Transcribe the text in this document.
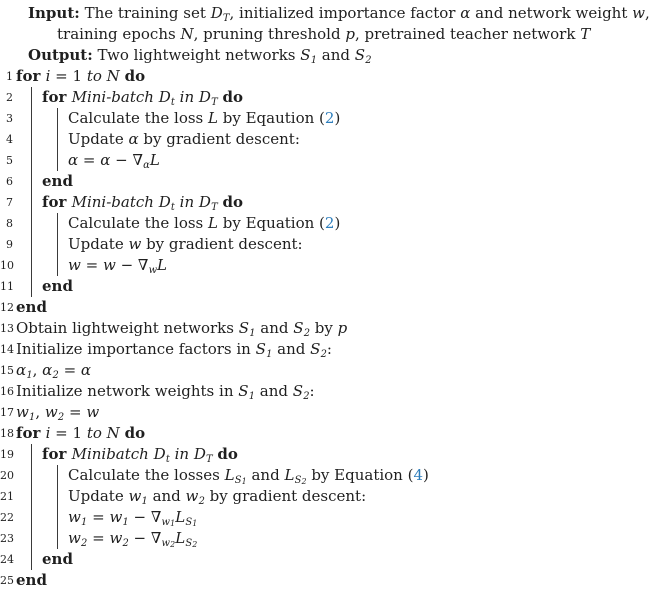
Input: The training set $D_T$, initialized importance factor α and network weight w,
training epochs N, pruning threshold p, pretrained teacher network T
Output: Two lightweight networks $S_1$ and $S_2$
1 for i = 1 to N do
2 for Mini-batch $D_t$ in $D_T$ do
3	Calculate the loss L by Eqaution (2)
4	Update α by gradient descent:
5	$\alpha = \alpha - \nabla_\alpha L$
6 end
7 for Mini-batch $D_t$ in $D_T$ do
8	Calculate the loss L by Equation (2)
9	Update w by gradient descent:
10	$w = w - \nabla_wL$
11 end
12 end
13 Obtain lightweight networks $S_1$ and $S_2$ by p
14 Initialize importance factors in $S_1$ and $S_2$:
15 $\alpha_1$, $\alpha_2 = \alpha$
16 Initialize network weights in $S_1$ and $S_2$:
17 $w_1$, $w_2 = w$
18 for i = 1 to N do
19 for Minibatch $D_t$ in $D_T$ do
20	Calculate the losses $L_{S1}$ and $L_{S2}$ by Equation (4)
21	Update $w_1$ and $w_2$ by gradient descent:
22	$w_1 = w_1 - \nabla_{w1}L_{S1}$
23	$w_2 = w_2 - \nabla_{w2}L_{S2}$
24 end
25 end
